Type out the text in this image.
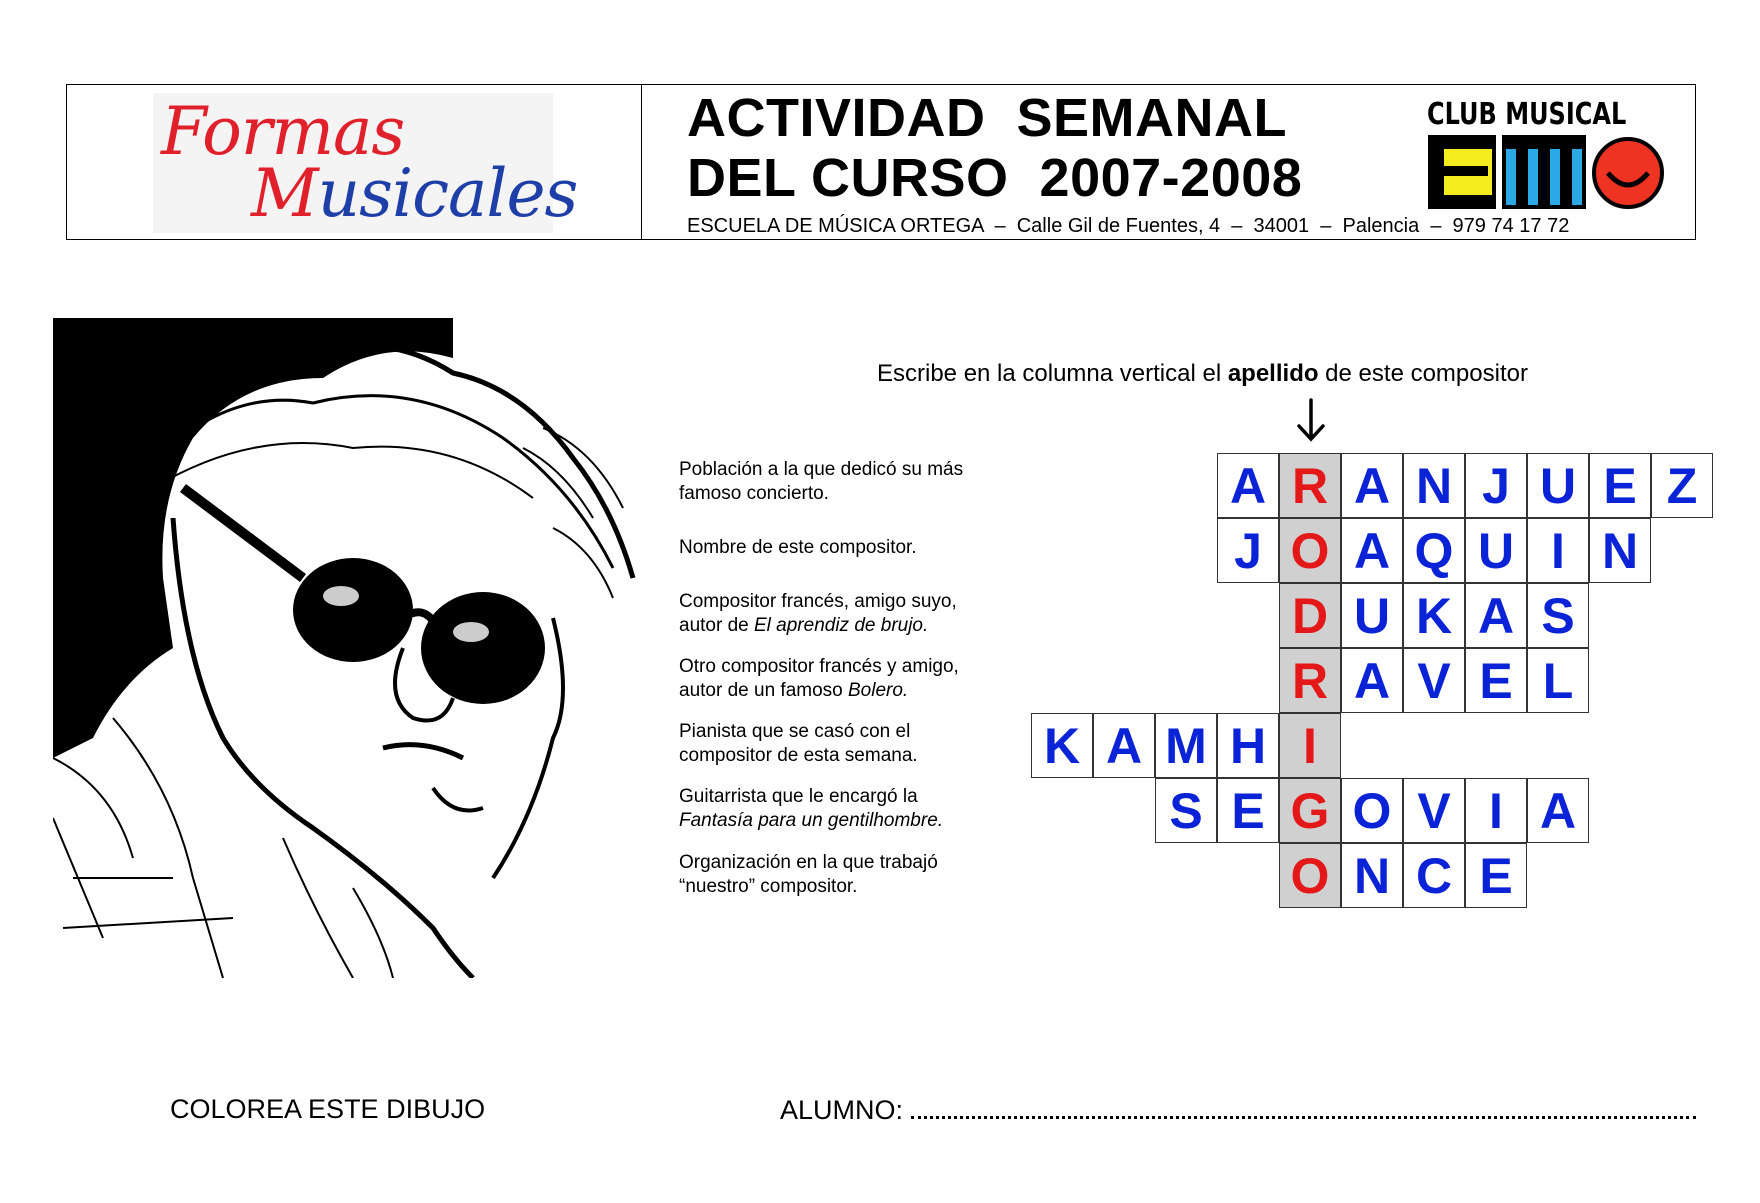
Formas
Musicales
ACTIVIDAD  SEMANAL
DEL CURSO  2007-2008
ESCUELA DE MÚSICA ORTEGA  –  Calle Gil de Fuentes, 4  –  34001  –  Palencia  –  979 74 17 72
CLUB MUSICAL
Escribe en la columna vertical el apellido de este compositor
Población a la que dedicó su más
famoso concierto.
Nombre de este compositor.
Compositor francés, amigo suyo,
autor de El aprendiz de brujo.
Otro compositor francés y amigo,
autor de un famoso Bolero.
Pianista que se casó con el
compositor de esta semana.
Guitarrista que le encargó la
Fantasía para un gentilhombre.
Organización en la que trabajó
“nuestro” compositor.
A R A N J U E Z
J O A Q U I N
D U K A S
R A V E L
K A M H I
S E G O V I A
O N C E
COLOREA ESTE DIBUJO	ALUMNO:
